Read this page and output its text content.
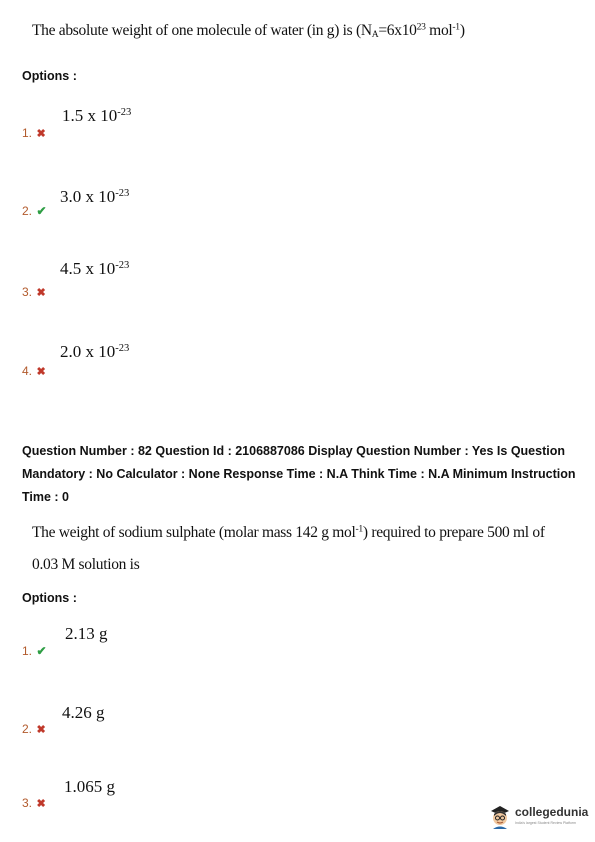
The absolute weight of one molecule of water (in g) is ($N_A=6x10^{23}$ mol$^{-1}$)
Options :
1.5 x $10^{-23}$
1. ✖
3.0 x $10^{-23}$
2. ✔
4.5 x $10^{-23}$
3. ✖
2.0 x $10^{-23}$
4. ✖
Question Number : 82 Question Id : 2106887086 Display Question Number : Yes Is Question
Mandatory : No Calculator : None Response Time : N.A Think Time : N.A Minimum Instruction
Time : 0
The weight of sodium sulphate (molar mass 142 g mol$^{-1}$) required to prepare 500 ml of
0.03 M solution is
Options :
2.13 g
1. ✔
4.26 g
2. ✖
1.065 g
3. ✖
collegedunia
India's largest Student Review Platform
